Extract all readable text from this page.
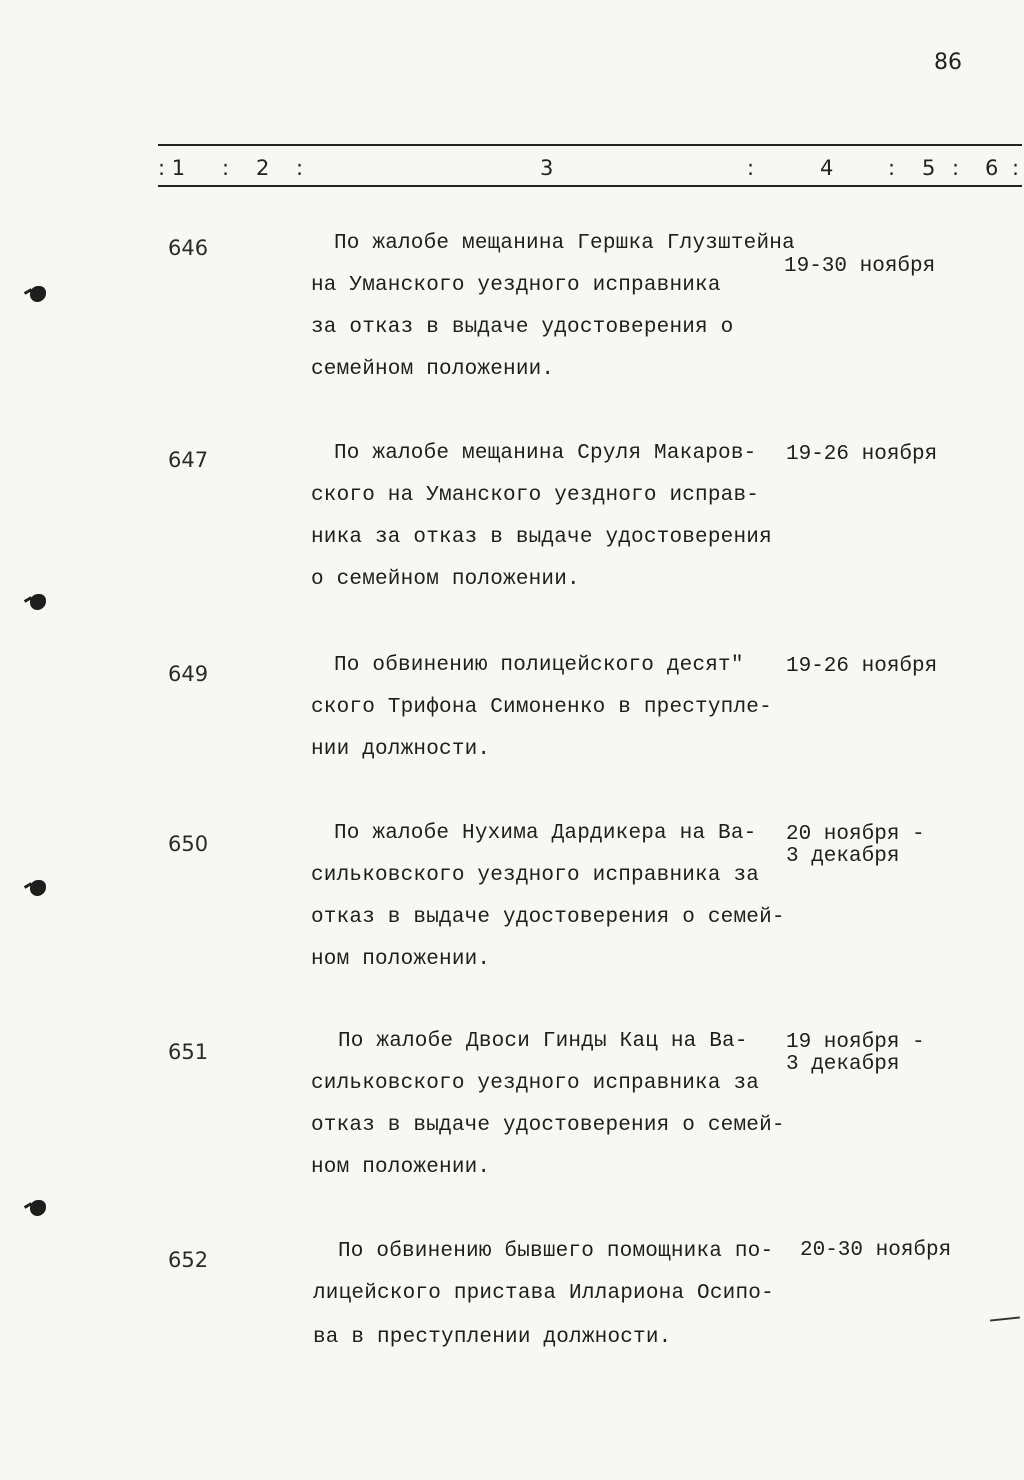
86
: 1 : 2 :	3	:	4	: 5 : 6 :
646	По жалобе мещанина Гершка Глузштейна
на Уманского уездного исправника
за отказ в выдаче удостоверения о
семейном положении.
19-30 ноября
647	По жалобе мещанина Сруля Макаров-
ского на Уманского уездного исправ-
ника за отказ в выдаче удостоверения
о семейном положении.
19-26 ноября
649	По обвинению полицейского десят"
ского Трифона Симоненко в преступле-
нии должности.
19-26 ноября
650	По жалобе Нухима Дардикера на Ва-
сильковского уездного исправника за
отказ в выдаче удостоверения о семей-
ном положении.
20 ноября -
3 декабря
651	По жалобе Двоси Гинды Кац на Ва-
сильковского уездного исправника за
отказ в выдаче удостоверения о семей-
ном положении.
19 ноября -
3 декабря
652	По обвинению бывшего помощника по-
лицейского пристава Иллариона Осипо-
ва в преступлении должности.
20-30 ноября
